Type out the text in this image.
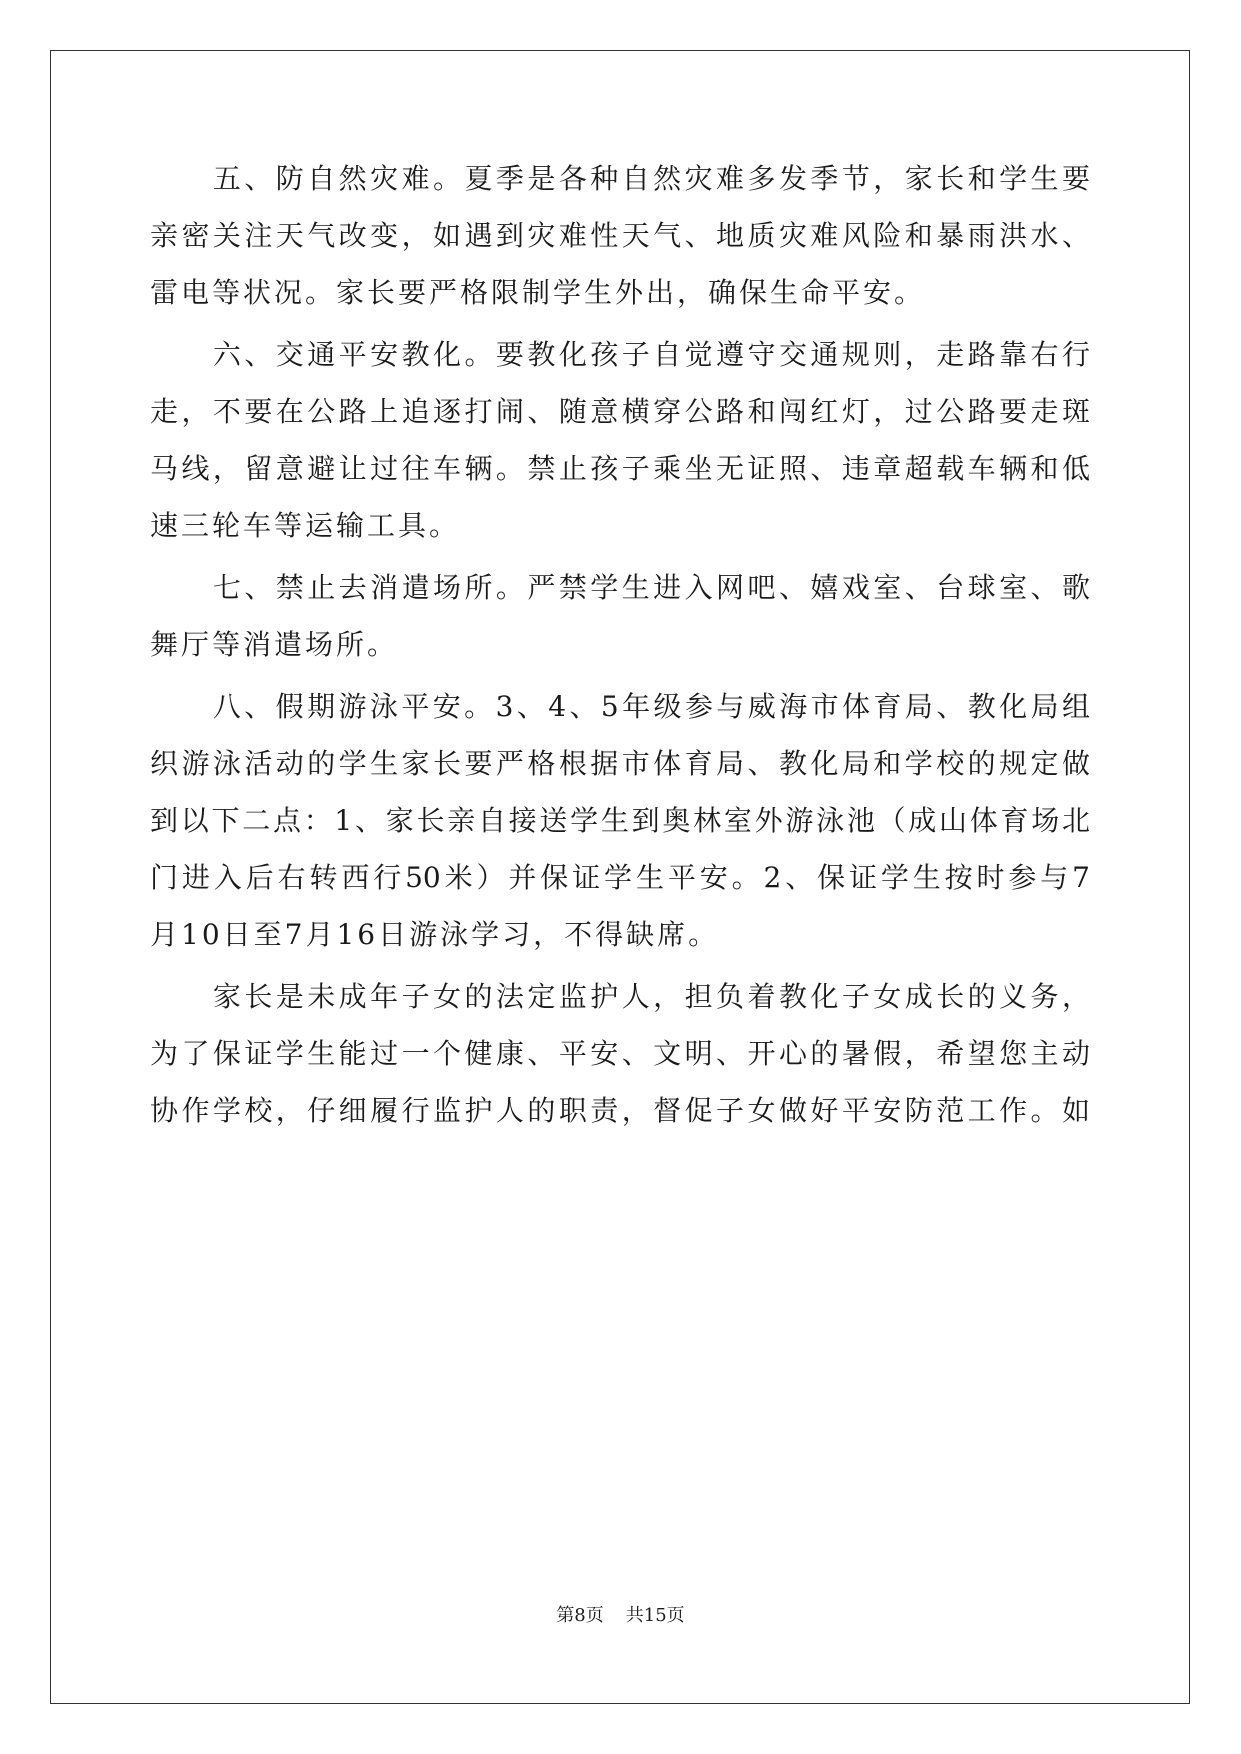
　　五、防自然灾难。夏季是各种自然灾难多发季节，家长和学生要
亲密关注天气改变，如遇到灾难性天气、地质灾难风险和暴雨洪水、
雷电等状况。家长要严格限制学生外出，确保生命平安。
　　六、交通平安教化。要教化孩子自觉遵守交通规则，走路靠右行
走，不要在公路上追逐打闹、随意横穿公路和闯红灯，过公路要走斑
马线，留意避让过往车辆。禁止孩子乘坐无证照、违章超载车辆和低
速三轮车等运输工具。
　　七、禁止去消遣场所。严禁学生进入网吧、嬉戏室、台球室、歌
舞厅等消遣场所。
　　八、假期游泳平安。3、4、5年级参与威海市体育局、教化局组
织游泳活动的学生家长要严格根据市体育局、教化局和学校的规定做
到以下二点：1、家长亲自接送学生到奥林室外游泳池（成山体育场北
门进入后右转西行50米）并保证学生平安。2、保证学生按时参与7
月10日至7月16日游泳学习，不得缺席。
　　家长是未成年子女的法定监护人，担负着教化子女成长的义务，
为了保证学生能过一个健康、平安、文明、开心的暑假，希望您主动
协作学校，仔细履行监护人的职责，督促子女做好平安防范工作。如
第8页 共15页
